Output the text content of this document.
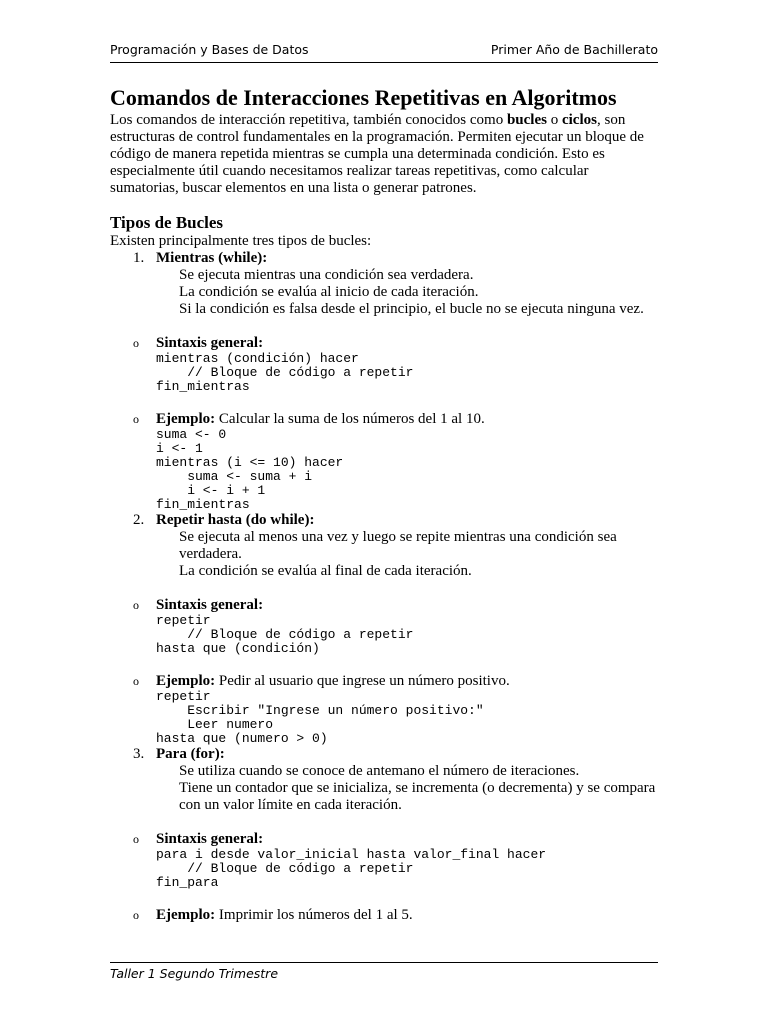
Programación y Bases de Datos	Primer Año de Bachillerato
Comandos de Interacciones Repetitivas en Algoritmos

Los comandos de interacción repetitiva, también conocidos como bucles o ciclos, son estructuras de control fundamentales en la programación. Permiten ejecutar un bloque de código de manera repetida mientras se cumpla una determinada condición. Esto es especialmente útil cuando necesitamos realizar tareas repetitivas, como calcular sumatorias, buscar elementos en una lista o generar patrones.

Tipos de Bucles

Existen principalmente tres tipos de bucles:

1. Mientras (while):

Se ejecuta mientras una condición sea verdadera.

La condición se evalúa al inicio de cada iteración.

Si la condición es falsa desde el principio, el bucle no se ejecuta ninguna vez.

o Sintaxis general:
mientras (condición) hacer
// Bloque de código a repetir
fin_mientras
o Ejemplo: Calcular la suma de los números del 1 al 10.
suma <- 0
i <- 1
mientras (i <= 10) hacer
suma <- suma + i
i <- i + 1
fin_mientras
2. Repetir hasta (do while):

Se ejecuta al menos una vez y luego se repite mientras una condición sea verdadera.

La condición se evalúa al final de cada iteración.

o Sintaxis general:
repetir
// Bloque de código a repetir
hasta que (condición)
o Ejemplo: Pedir al usuario que ingrese un número positivo.
repetir
Escribir "Ingrese un número positivo:"
Leer numero
hasta que (numero > 0)
3. Para (for):

Se utiliza cuando se conoce de antemano el número de iteraciones.

Tiene un contador que se inicializa, se incrementa (o decrementa) y se compara con un valor límite en cada iteración.

o Sintaxis general:
para i desde valor_inicial hasta valor_final hacer
// Bloque de código a repetir
fin_para
o Ejemplo: Imprimir los números del 1 al 5.
Taller 1 Segundo Trimestre
